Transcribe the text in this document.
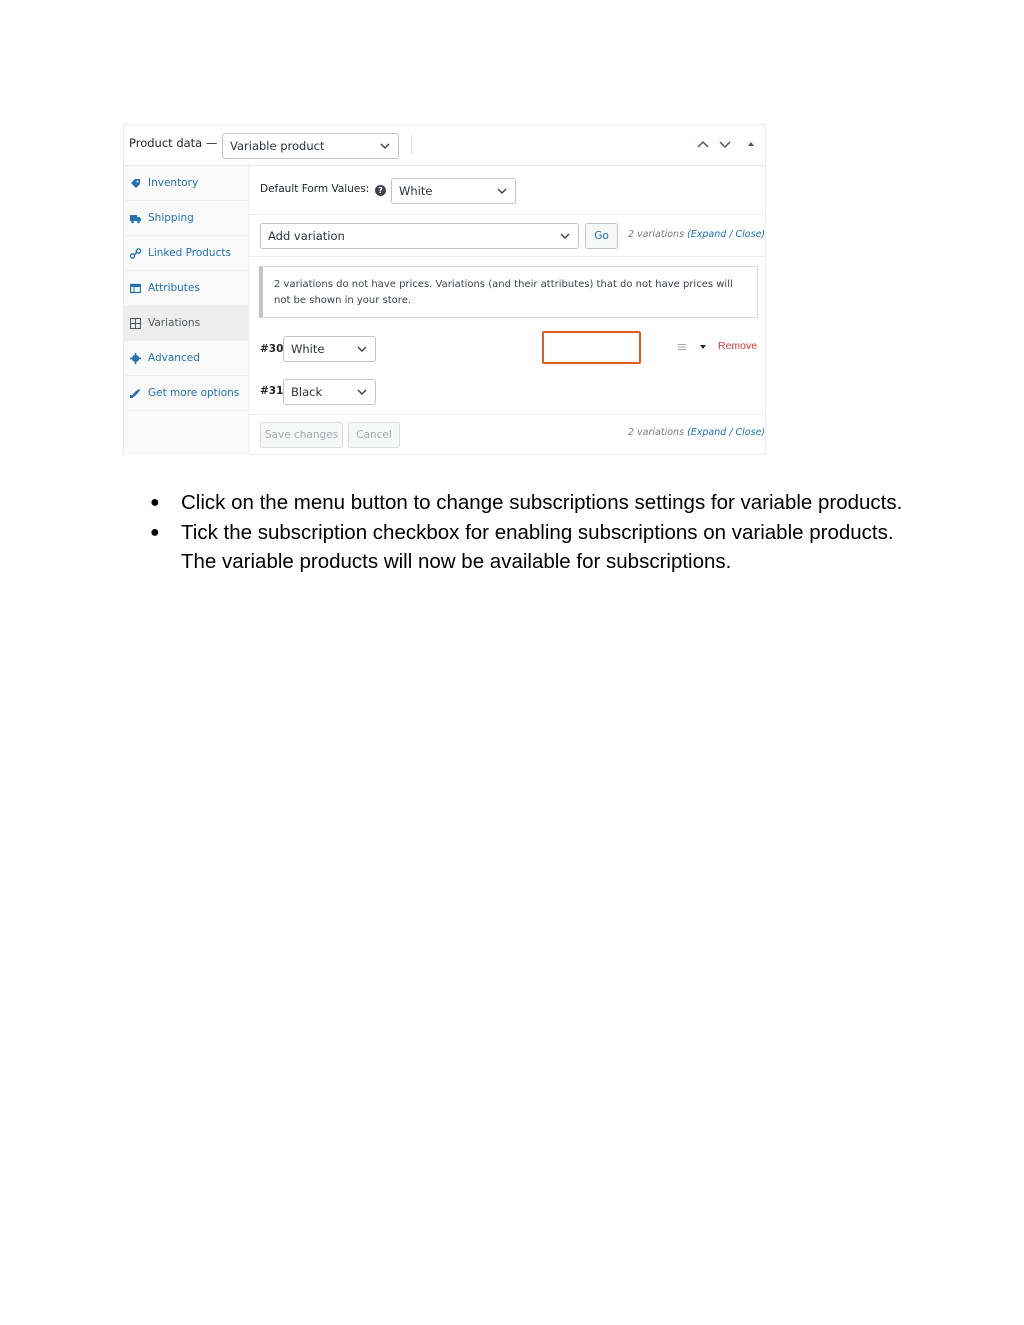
Product data — Variable product
Inventory
Shipping
Linked Products
Attributes
Variations
Advanced
Get more options
Default Form Values:	? White
Add variation	Go	2 variations (Expand / Close)
2 variations do not have prices. Variations (and their attributes) that do not have prices will not be shown in your store.
#30 White
#31 Black
Save changes	Cancel	2 variations (Expand / Close)
Remove
● Click on the menu button to change subscriptions settings for variable products.
● Tick the subscription checkbox for enabling subscriptions on variable products. The variable products will now be available for subscriptions.
